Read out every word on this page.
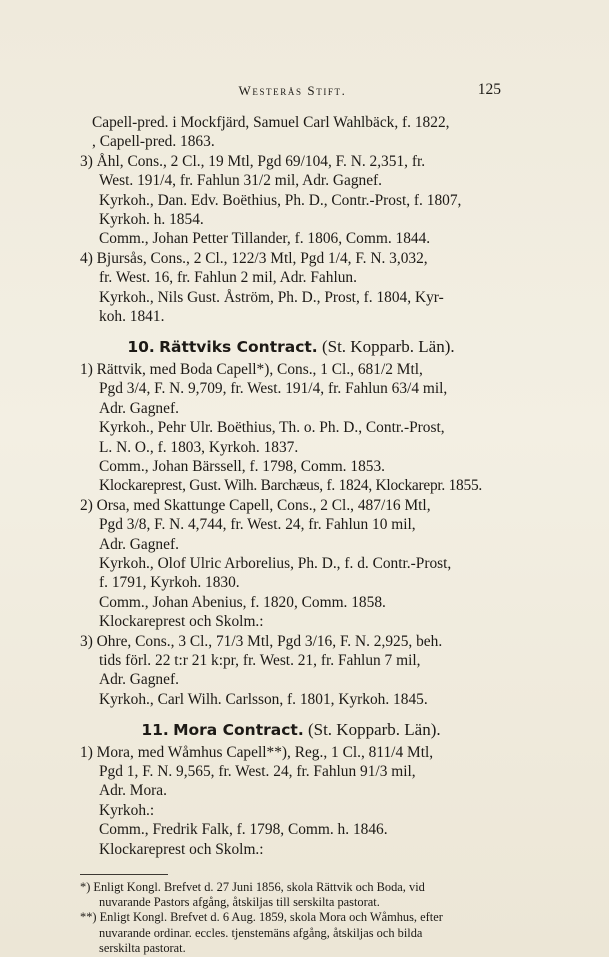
Westerås Stift.	125
Capell-pred. i Mockfjärd, Samuel Carl Wahlbäck, f. 1822,
, Capell-pred. 1863.
3) Åhl, Cons., 2 Cl., 19 Mtl, Pgd 69/104, F. N. 2,351, fr.
West. 191/4, fr. Fahlun 31/2 mil, Adr. Gagnef.
Kyrkoh., Dan. Edv. Boëthius, Ph. D., Contr.-Prost, f. 1807,
Kyrkoh. h. 1854.
Comm., Johan Petter Tillander, f. 1806, Comm. 1844.
4) Bjursås, Cons., 2 Cl., 122/3 Mtl, Pgd 1/4, F. N. 3,032,
fr. West. 16, fr. Fahlun 2 mil, Adr. Fahlun.
Kyrkoh., Nils Gust. Åström, Ph. D., Prost, f. 1804, Kyr-
koh. 1841.
10. Rättviks Contract. (St. Kopparb. Län).
1) Rättvik, med Boda Capell*), Cons., 1 Cl., 681/2 Mtl,
Pgd 3/4, F. N. 9,709, fr. West. 191/4, fr. Fahlun 63/4 mil,
Adr. Gagnef.
Kyrkoh., Pehr Ulr. Boëthius, Th. o. Ph. D., Contr.-Prost,
L. N. O., f. 1803, Kyrkoh. 1837.
Comm., Johan Bärssell, f. 1798, Comm. 1853.
Klockareprest, Gust. Wilh. Barchæus, f. 1824, Klockarepr. 1855.
2) Orsa, med Skattunge Capell, Cons., 2 Cl., 487/16 Mtl,
Pgd 3/8, F. N. 4,744, fr. West. 24, fr. Fahlun 10 mil,
Adr. Gagnef.
Kyrkoh., Olof Ulric Arborelius, Ph. D., f. d. Contr.-Prost,
f. 1791, Kyrkoh. 1830.
Comm., Johan Abenius, f. 1820, Comm. 1858.
Klockareprest och Skolm.:
3) Ohre, Cons., 3 Cl., 71/3 Mtl, Pgd 3/16, F. N. 2,925, beh.
tids förl. 22 t:r 21 k:pr, fr. West. 21, fr. Fahlun 7 mil,
Adr. Gagnef.
Kyrkoh., Carl Wilh. Carlsson, f. 1801, Kyrkoh. 1845.
11. Mora Contract. (St. Kopparb. Län).
1) Mora, med Wåmhus Capell**), Reg., 1 Cl., 811/4 Mtl,
Pgd 1, F. N. 9,565, fr. West. 24, fr. Fahlun 91/3 mil,
Adr. Mora.
Kyrkoh.:
Comm., Fredrik Falk, f. 1798, Comm. h. 1846.
Klockareprest och Skolm.:
*) Enligt Kongl. Brefvet d. 27 Juni 1856, skola Rättvik och Boda, vid
nuvarande Pastors afgång, åtskiljas till serskilta pastorat.
**) Enligt Kongl. Brefvet d. 6 Aug. 1859, skola Mora och Wåmhus, efter
nuvarande ordinar. eccles. tjenstemäns afgång, åtskiljas och bilda
serskilta pastorat.
